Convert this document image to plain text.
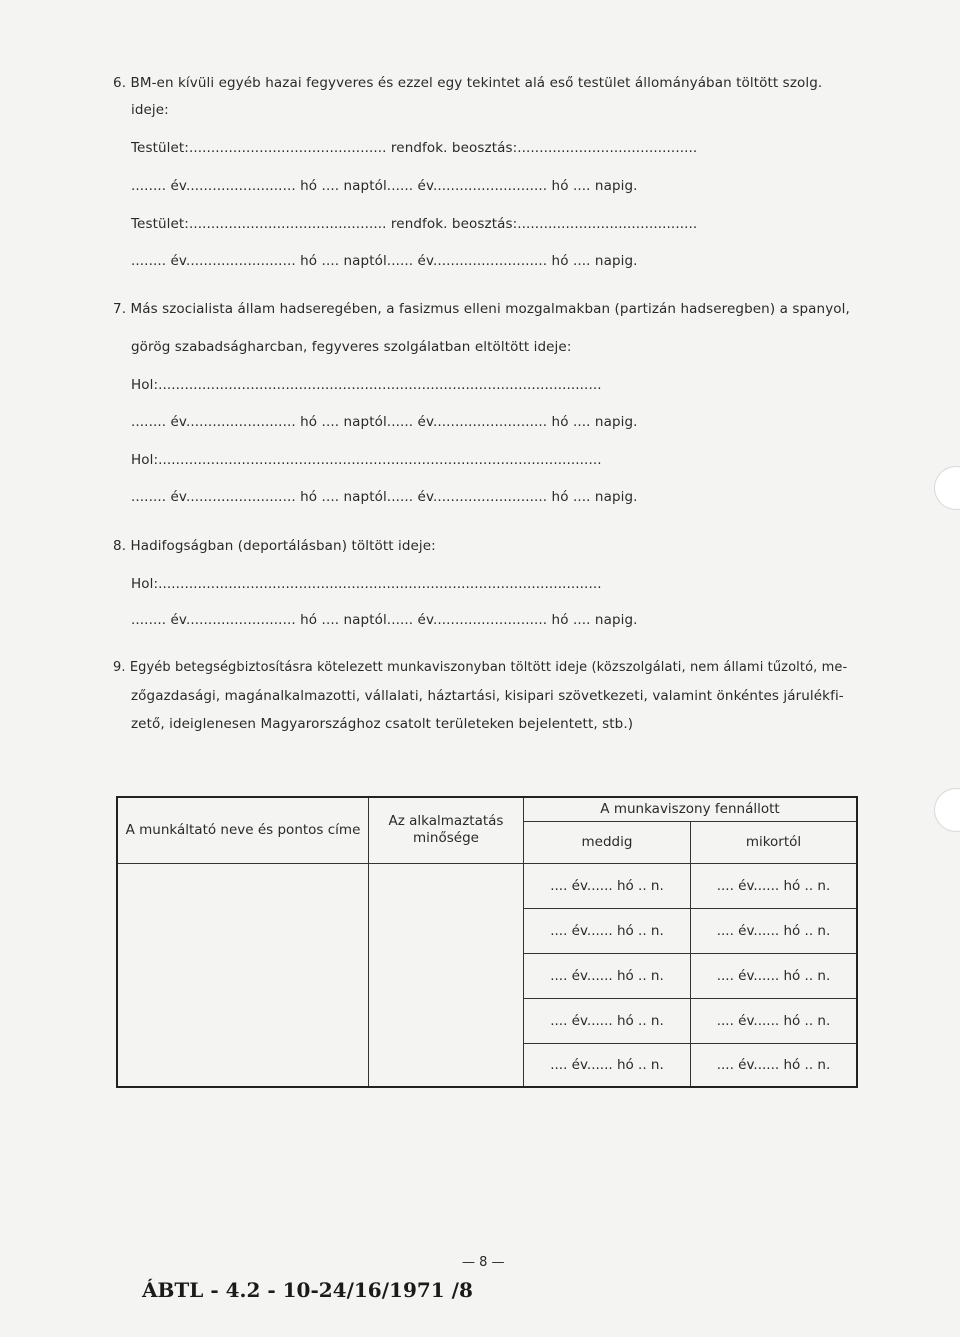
6. BM-en kívüli egyéb hazai fegyveres és ezzel egy tekintet alá eső testület állományában töltött szolg.
ideje:
Testület:............................................. rendfok. beosztás:.........................................
........ év......................... hó .... naptól...... év.......................... hó .... napig.
Testület:............................................. rendfok. beosztás:.........................................
........ év......................... hó .... naptól...... év.......................... hó .... napig.
7. Más szocialista állam hadseregében, a fasizmus elleni mozgalmakban (partizán hadseregben) a spanyol,
görög szabadságharcban, fegyveres szolgálatban eltöltött ideje:
Hol:.....................................................................................................
........ év......................... hó .... naptól...... év.......................... hó .... napig.
Hol:.....................................................................................................
........ év......................... hó .... naptól...... év.......................... hó .... napig.
8. Hadifogságban (deportálásban) töltött ideje:
Hol:.....................................................................................................
........ év......................... hó .... naptól...... év.......................... hó .... napig.
9. Egyéb betegségbiztosításra kötelezett munkaviszonyban töltött ideje (közszolgálati, nem állami tűzoltó, me-
zőgazdasági, magánalkalmazotti, vállalati, háztartási, kisipari szövetkezeti, valamint önkéntes járulékfi-
zető, ideiglenesen Magyarországhoz csatolt területeken bejelentett, stb.)
A munkáltató neve és pontos címe	Az alkalmaztatás minősége	A munkaviszony fennállott	
		meddig	mikortól
		.... év...... hó .. n.	.... év...... hó .. n.
		.... év...... hó .. n.	.... év...... hó .. n.
		.... év...... hó .. n.	.... év...... hó .. n.
		.... év...... hó .. n.	.... év...... hó .. n.
		.... év...... hó .. n.	.... év...... hó .. n.
— 8 —
ÁBTL - 4.2 - 10-24/16/1971 /8
